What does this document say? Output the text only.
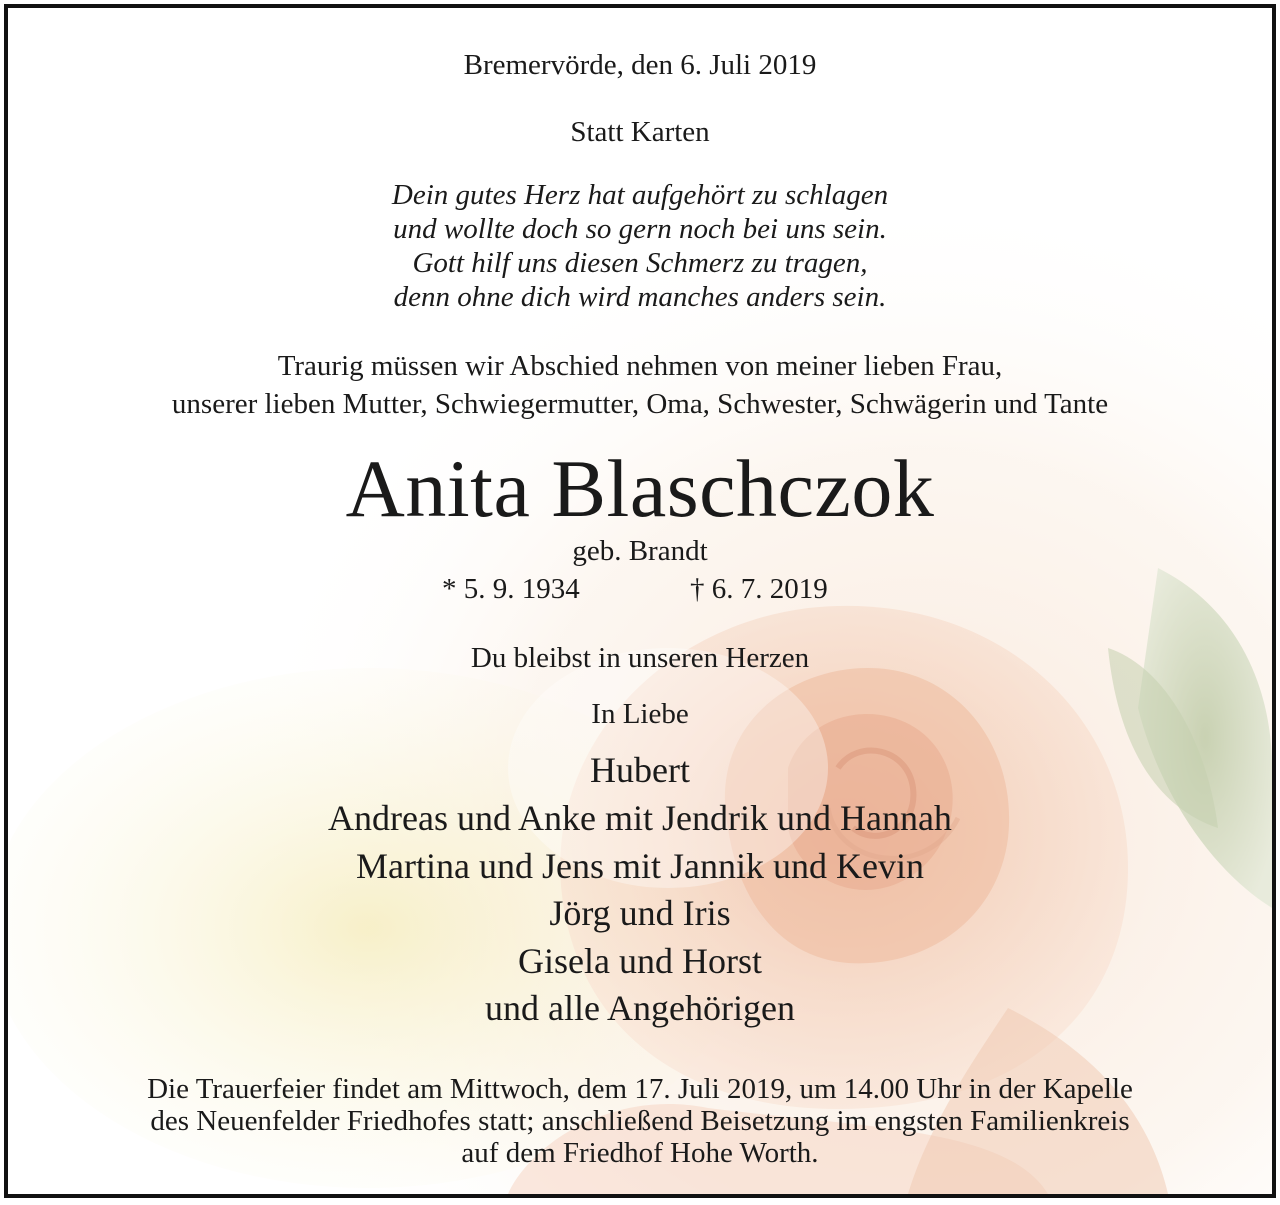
Bremervörde, den 6. Juli 2019
Statt Karten
Dein gutes Herz hat aufgehört zu schlagen
und wollte doch so gern noch bei uns sein.
Gott hilf uns diesen Schmerz zu tragen,
denn ohne dich wird manches anders sein.
Traurig müssen wir Abschied nehmen von meiner lieben Frau,
unserer lieben Mutter, Schwiegermutter, Oma, Schwester, Schwägerin und Tante
Anita Blaschczok
geb. Brandt
* 5. 9. 1934	† 6. 7. 2019
Du bleibst in unseren Herzen
In Liebe
Hubert
Andreas und Anke mit Jendrik und Hannah
Martina und Jens mit Jannik und Kevin
Jörg und Iris
Gisela und Horst
und alle Angehörigen
Die Trauerfeier findet am Mittwoch, dem 17. Juli 2019, um 14.00 Uhr in der Kapelle
des Neuenfelder Friedhofes statt; anschließend Beisetzung im engsten Familienkreis
auf dem Friedhof Hohe Worth.
